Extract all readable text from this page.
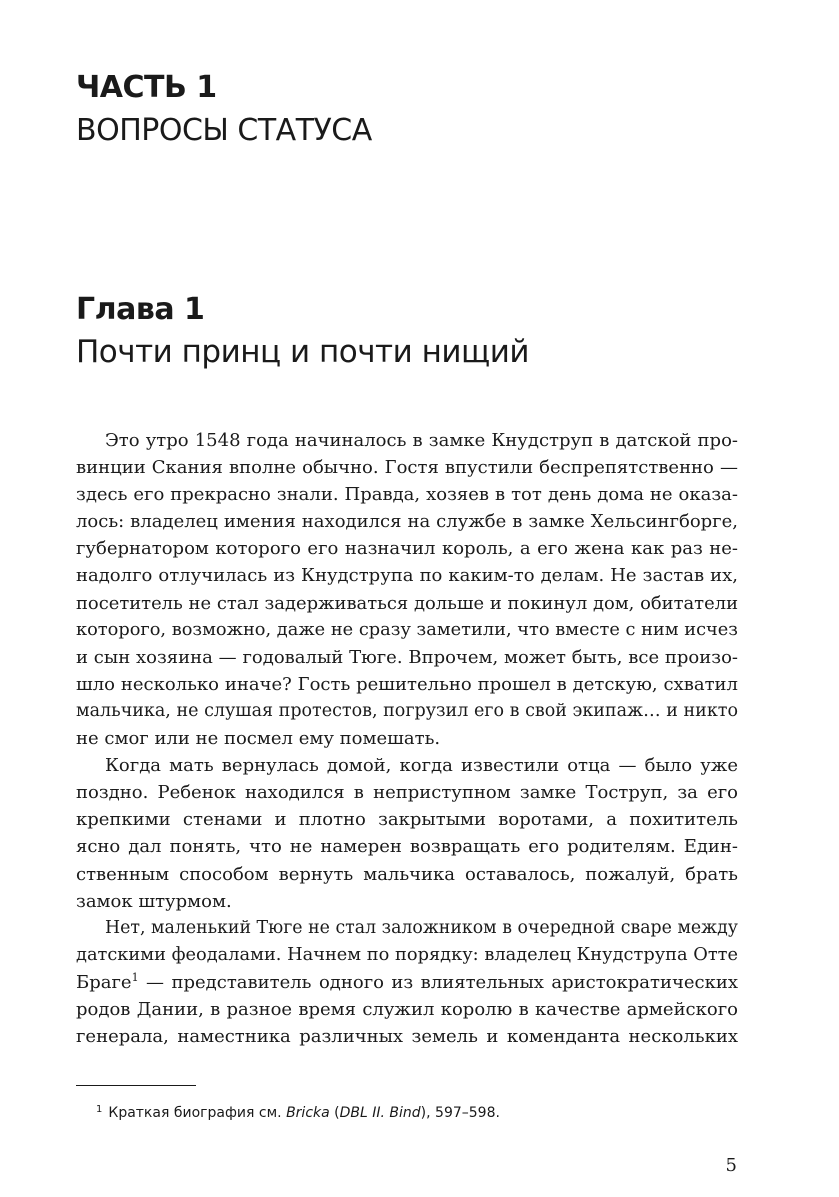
ЧАСТЬ 1
ВОПРОСЫ СТАТУСА
Глава 1
Почти принц и почти нищий
Это утро 1548 года начиналось в замке Кнудструп в датской про-
винции Скания вполне обычно. Гостя впустили беспрепятственно —
здесь его прекрасно знали. Правда, хозяев в тот день дома не оказа-
лось: владелец имения находился на службе в замке Хельсингборге,
губернатором которого его назначил король, а его жена как раз не-
надолго отлучилась из Кнудструпа по каким-то делам. Не застав их,
посетитель не стал задерживаться дольше и покинул дом, обитатели
которого, возможно, даже не сразу заметили, что вместе с ним исчез
и сын хозяина — годовалый Тюге. Впрочем, может быть, все произо-
шло несколько иначе? Гость решительно прошел в детскую, схватил
мальчика, не слушая протестов, погрузил его в свой экипаж… и никто
не смог или не посмел ему помешать.
Когда мать вернулась домой, когда известили отца — было уже
поздно. Ребенок находился в неприступном замке Тоструп, за его
крепкими стенами и плотно закрытыми воротами, а похититель
ясно дал понять, что не намерен возвращать его родителям. Един-
ственным способом вернуть мальчика оставалось, пожалуй, брать
замок штурмом.
Нет, маленький Тюге не стал заложником в очередной сваре между
датскими феодалами. Начнем по порядку: владелец Кнудструпа Отте
Браге$^1$ — представитель одного из влиятельных аристократических
родов Дании, в разное время служил королю в качестве армейского
генерала, наместника различных земель и коменданта нескольких
$^1$ Краткая биография см. Bricka (DBL II. Bind), 597–598.
5
